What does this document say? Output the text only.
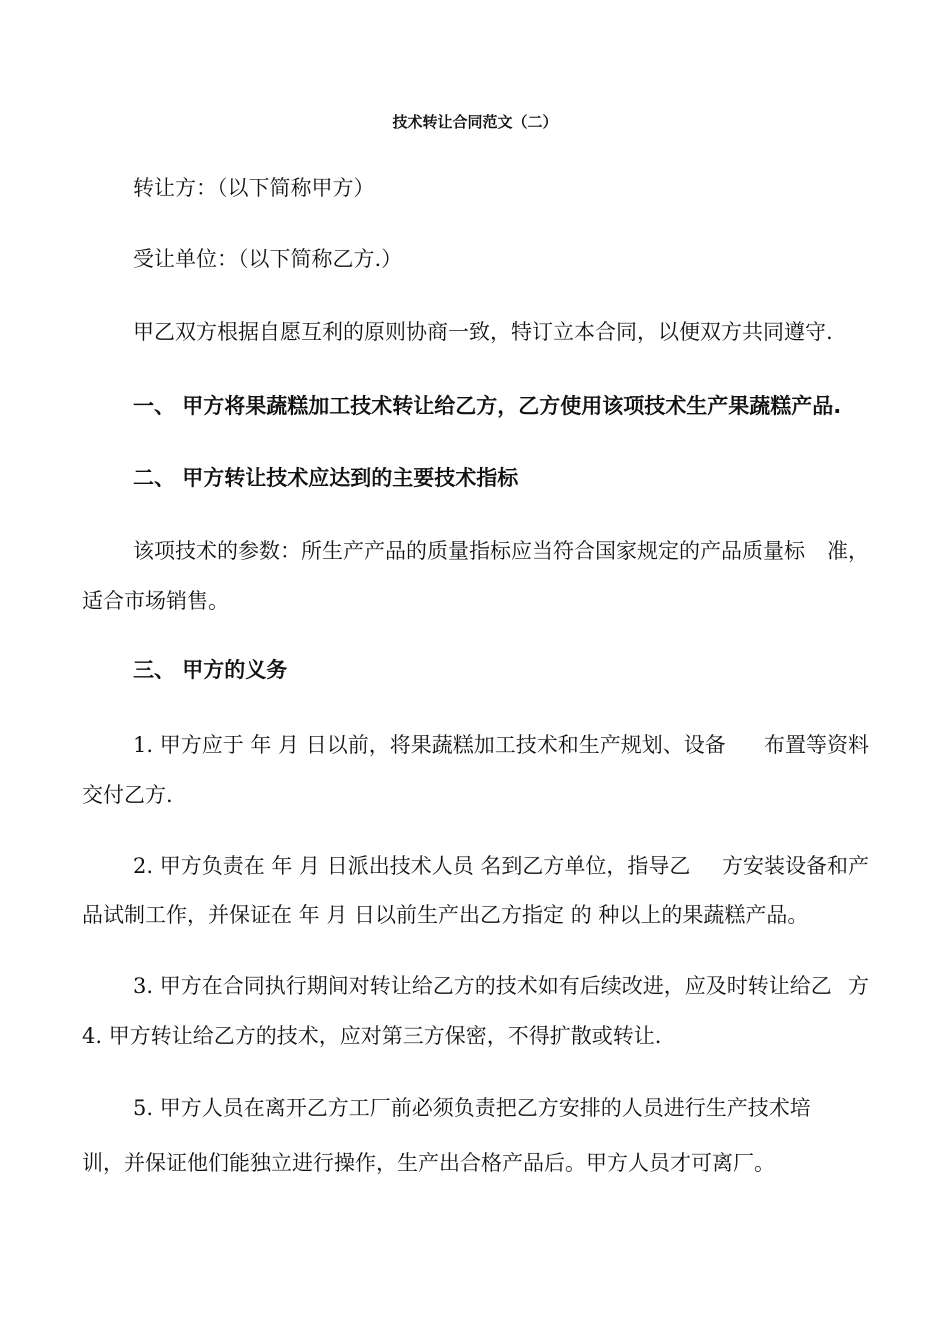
技术转让合同范文（二）
转让方：（以下简称甲方）
受让单位：（以下简称乙方.）
甲乙双方根据自愿互利的原则协商一致，特订立本合同，以便双方共同遵守.
一、 甲方将果蔬糕加工技术转让给乙方，乙方使用该项技术生产果蔬糕产品.
二、 甲方转让技术应达到的主要技术指标
该项技术的参数：所生产产品的质量指标应当符合国家规定的产品质量标 准，
适合市场销售。
三、 甲方的义务
1. 甲方应于 年 月 日以前，将果蔬糕加工技术和生产规划、设备 布置等资料
交付乙方.
2. 甲方负责在 年 月 日派出技术人员 名到乙方单位，指导乙 方安装设备和产
品试制工作，并保证在 年 月 日以前生产出乙方指定 的 种以上的果蔬糕产品。
3. 甲方在合同执行期间对转让给乙方的技术如有后续改进，应及时转让给乙 方
4. 甲方转让给乙方的技术，应对第三方保密，不得扩散或转让.
5. 甲方人员在离开乙方工厂前必须负责把乙方安排的人员进行生产技术培
训，并保证他们能独立进行操作，生产出合格产品后。甲方人员才可离厂。
